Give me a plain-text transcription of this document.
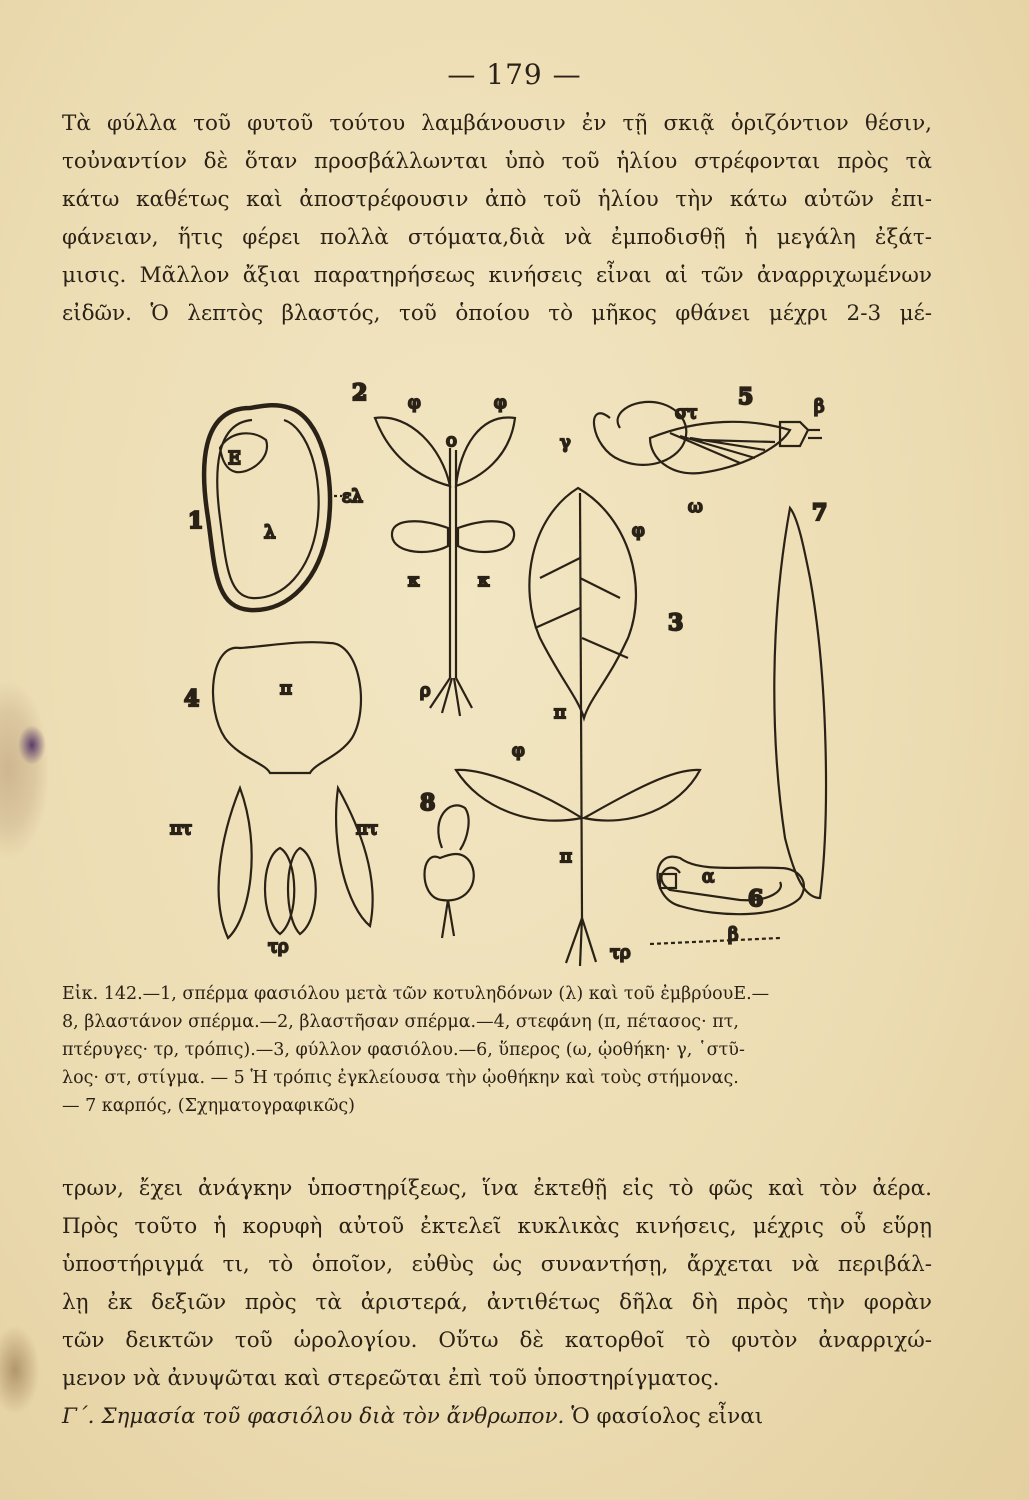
— 179 —
Τὰ φύλλα τοῦ φυτοῦ τούτου λαμβάνουσιν ἐν τῇ σκιᾷ ὁριζόντιον θέσιν,
τοὐναντίον δὲ ὅταν προσβάλλωνται ὑπὸ τοῦ ἡλίου στρέφονται πρὸς τὰ
κάτω καθέτως καὶ ἀποστρέφουσιν ἀπὸ τοῦ ἡλίου τὴν κάτω αὐτῶν ἐπι-
φάνειαν, ἥτις φέρει πολλὰ στόματα,διὰ νὰ ἐμποδισθῇ ἡ μεγάλη ἐξάτ-
μισις. Μᾶλλον ἄξιαι παρατηρήσεως κινήσεις εἶναι αἱ τῶν ἀναρριχωμένων
εἰδῶν. Ὁ λεπτὸς βλαστός, τοῦ ὁποίου τὸ μῆκος φθάνει μέχρι 2-3 μέ-
1
E
λ
ελ
2 φ	φ
ο
κ	κ
ρ
5
στ	β
γ
ω
3
φ
φ
π
π
7
4	π
πτ	πτ
τρ
8
6
α
β
τρ
Εἰκ. 142.—1, σπέρμα φασιόλου μετὰ τῶν κοτυληδόνων (λ) καὶ τοῦ ἐμβρύουΕ.—
8, βλαστάνον σπέρμα.—2, βλαστῆσαν σπέρμα.—4, στεφάνη (π, πέτασος· πτ,
πτέρυγες· τρ, τρόπις).—3, φύλλον φασιόλου.—6, ὕπερος (ω, ᾠοθήκη· γ, ῾στῦ-
λος· στ, στίγμα. — 5 Ἡ τρόπις ἐγκλείουσα τὴν ᾠοθήκην καὶ τοὺς στήμονας.
— 7 καρπός, (Σχηματογραφικῶς)
τρων, ἔχει ἀνάγκην ὑποστηρίξεως, ἵνα ἐκτεθῇ εἰς τὸ φῶς καὶ τὸν ἀέρα.
Πρὸς τοῦτο ἡ κορυφὴ αὐτοῦ ἐκτελεῖ κυκλικὰς κινήσεις, μέχρις οὗ εὕρῃ
ὑποστήριγμά τι, τὸ ὁποῖον, εὐθὺς ὡς συναντήσῃ, ἄρχεται νὰ περιβάλ-
λῃ ἐκ δεξιῶν πρὸς τὰ ἀριστερά, ἀντιθέτως δῆλα δὴ πρὸς τὴν φορὰν
τῶν δεικτῶν τοῦ ὡρολογίου. Οὕτω δὲ κατορθοῖ τὸ φυτὸν ἀναρριχώ-
μενον νὰ ἀνυψῶται καὶ στερεῶται ἐπὶ τοῦ ὑποστηρίγματος.
Γ΄. Σημασία τοῦ φασιόλου διὰ τὸν ἄνθρωπον. Ὁ φασίολος εἶναι
